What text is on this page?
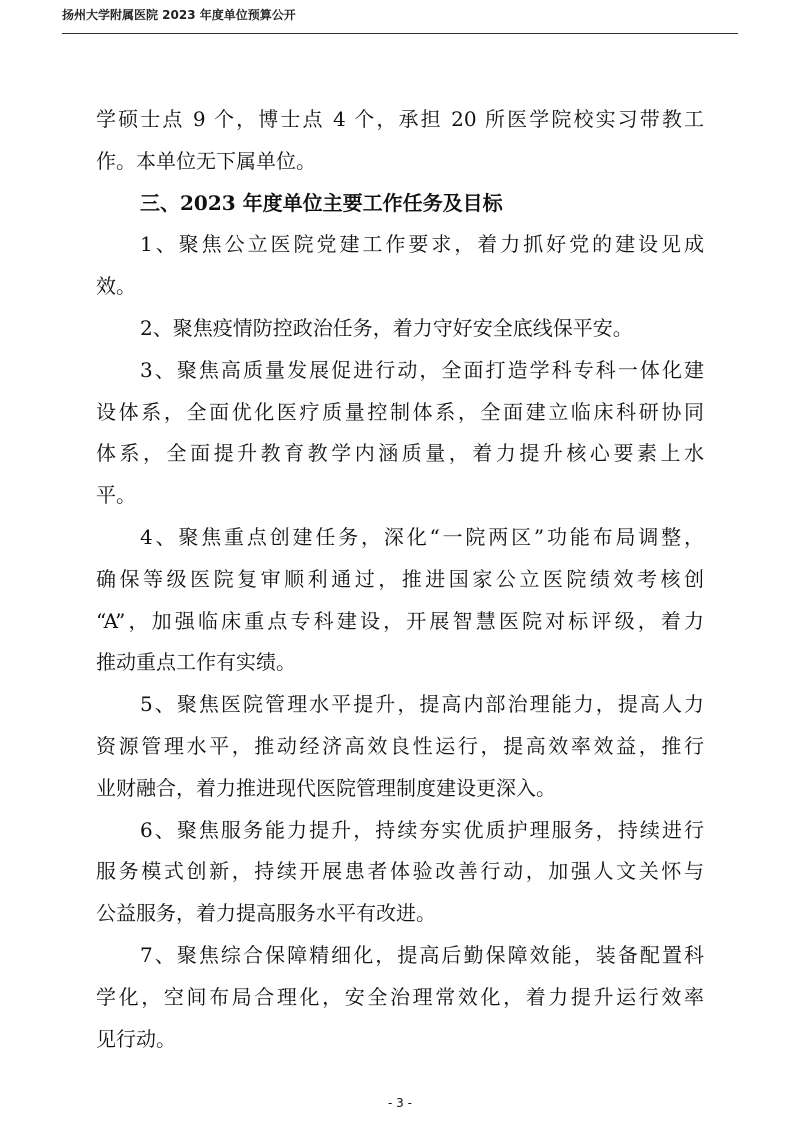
扬州大学附属医院 2023 年度单位预算公开
学硕士点 9 个，博士点 4 个，承担 20 所医学院校实习带教工
作。本单位无下属单位。
三、2023 年度单位主要工作任务及目标
1、聚焦公立医院党建工作要求，着力抓好党的建设见成
效。
2、聚焦疫情防控政治任务，着力守好安全底线保平安。
3、聚焦高质量发展促进行动，全面打造学科专科一体化建
设体系，全面优化医疗质量控制体系，全面建立临床科研协同
体系，全面提升教育教学内涵质量，着力提升核心要素上水
平。
4、聚焦重点创建任务，深化“一院两区”功能布局调整，
确保等级医院复审顺利通过，推进国家公立医院绩效考核创
“A”，加强临床重点专科建设，开展智慧医院对标评级，着力
推动重点工作有实绩。
5、聚焦医院管理水平提升，提高内部治理能力，提高人力
资源管理水平，推动经济高效良性运行，提高效率效益，推行
业财融合，着力推进现代医院管理制度建设更深入。
6、聚焦服务能力提升，持续夯实优质护理服务，持续进行
服务模式创新，持续开展患者体验改善行动，加强人文关怀与
公益服务，着力提高服务水平有改进。
7、聚焦综合保障精细化，提高后勤保障效能，装备配置科
学化，空间布局合理化，安全治理常效化，着力提升运行效率
见行动。
- 3 -
